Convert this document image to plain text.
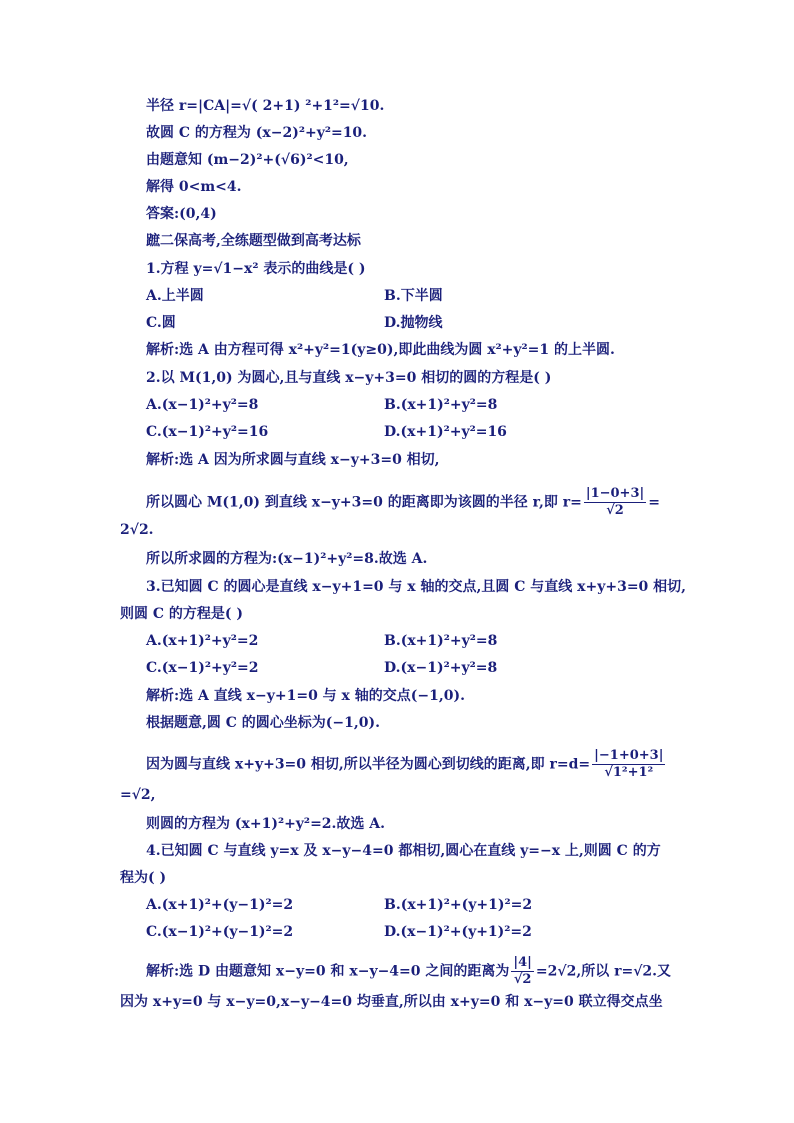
半径 r=|CA|=√( 2+1) ²+1²=√10.
故圆 C 的方程为 (x−2)²+y²=10.
由题意知 (m−2)²+(√6)²<10,
解得 0<m<4.
答案:(0,4)
蹠二保高考,全练题型做到高考达标
1.方程 y=√1−x² 表示的曲线是( )
A.上半圆	B.下半圆
C.圆	D.抛物线
解析:选 A 由方程可得 x²+y²=1(y≥0),即此曲线为圆 x²+y²=1 的上半圆.
2.以 M(1,0) 为圆心,且与直线 x−y+3=0 相切的圆的方程是( )
A.(x−1)²+y²=8	B.(x+1)²+y²=8
C.(x−1)²+y²=16	D.(x+1)²+y²=16
解析:选 A 因为所求圆与直线 x−y+3=0 相切,
所以圆心 M(1,0) 到直线 x−y+3=0 的距离即为该圆的半径 r,即 $r= \frac{|1-0+3|}{√2}$ =
2√2.
所以所求圆的方程为:(x−1)²+y²=8.故选 A.
3.已知圆 C 的圆心是直线 x−y+1=0 与 x 轴的交点,且圆 C 与直线 x+y+3=0 相切,
则圆 C 的方程是( )
A.(x+1)²+y²=2	B.(x+1)²+y²=8
C.(x−1)²+y²=2	D.(x−1)²+y²=8
解析:选 A 直线 x−y+1=0 与 x 轴的交点(−1,0).
根据题意,圆 C 的圆心坐标为(−1,0).
因为圆与直线 x+y+3=0 相切,所以半径为圆心到切线的距离,即 $r=d= \frac{|-1+0+3|}{\text{√1²+1²}}$
=√2,
则圆的方程为 (x+1)²+y²=2.故选 A.
4.已知圆 C 与直线 y=x 及 x−y−4=0 都相切,圆心在直线 y=−x 上,则圆 C 的方
程为( )
A.(x+1)²+(y−1)²=2	B.(x+1)²+(y+1)²=2
C.(x−1)²+(y−1)²=2	D.(x−1)²+(y+1)²=2
解析:选 D 由题意知 x−y=0 和 x−y−4=0 之间的距离为 $\frac{|4|}{√2} =2√2$,所以 r=√2.又
因为 x+y=0 与 x−y=0,x−y−4=0 均垂直,所以由 x+y=0 和 x−y=0 联立得交点坐
